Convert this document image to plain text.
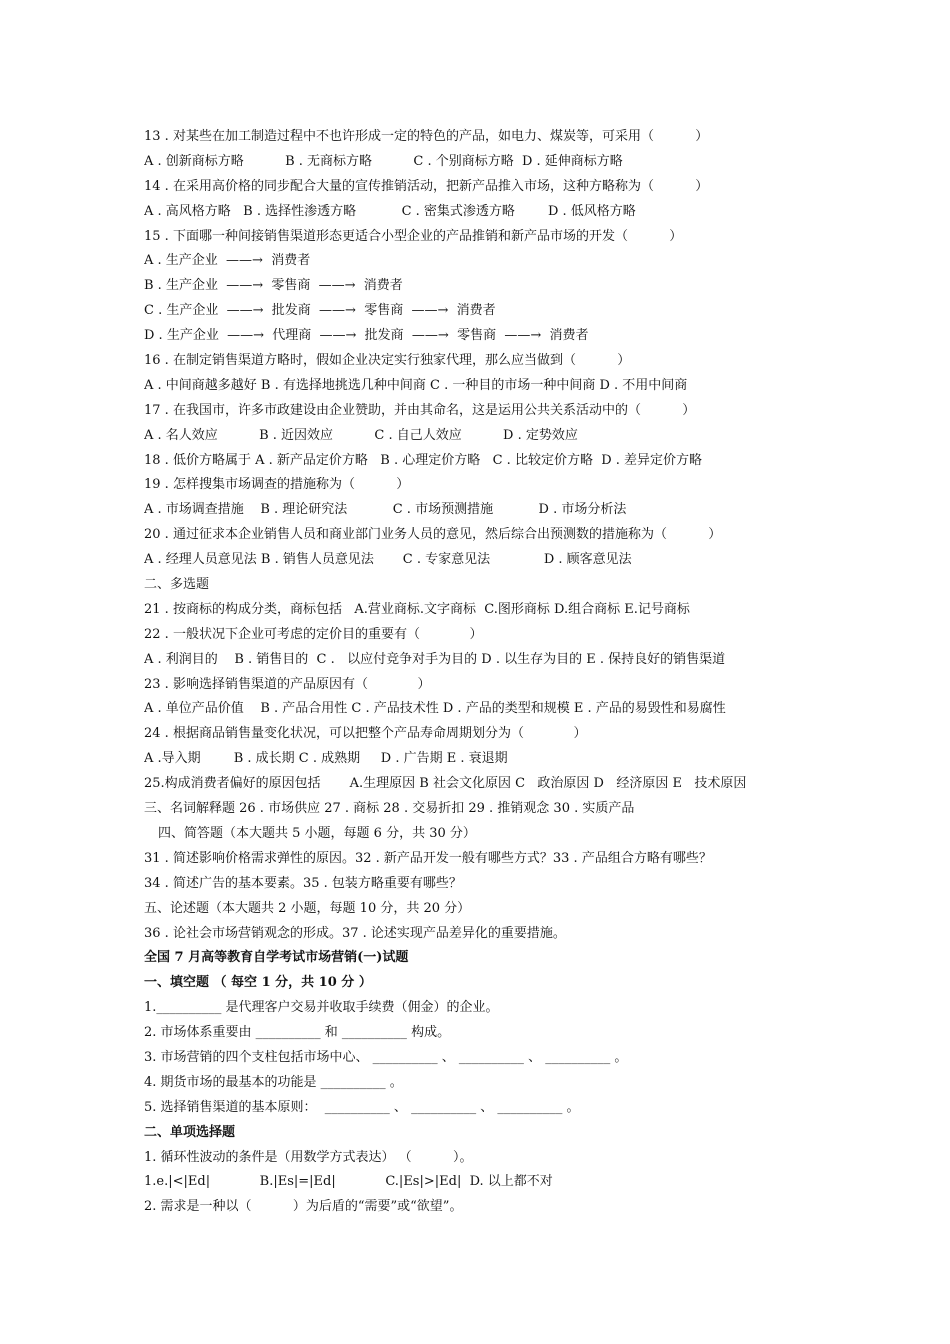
13 . 对某些在加工制造过程中不也许形成一定的特色的产品，如电力、煤炭等，可采用（          ）
A . 创新商标方略          B . 无商标方略          C . 个别商标方略  D . 延伸商标方略
14 . 在采用高价格的同步配合大量的宣传推销活动，把新产品推入市场，这种方略称为（          ）
A . 高风格方略   B . 选择性渗透方略           C . 密集式渗透方略        D . 低风格方略
15 . 下面哪一种间接销售渠道形态更适合小型企业的产品推销和新产品市场的开发（          ）
A . 生产企业  ——→  消费者
B . 生产企业  ——→  零售商  ——→  消费者
C . 生产企业  ——→  批发商  ——→  零售商  ——→  消费者
D . 生产企业  ——→  代理商  ——→  批发商  ——→  零售商  ——→  消费者
16 . 在制定销售渠道方略时，假如企业决定实行独家代理，那么应当做到（          ）
A . 中间商越多越好 B . 有选择地挑选几种中间商 C . 一种目的市场一种中间商 D . 不用中间商
17 . 在我国市，许多市政建设由企业赞助，并由其命名，这是运用公共关系活动中的（          ）
A . 名人效应          B . 近因效应          C . 自己人效应          D . 定势效应
18 . 低价方略属于 A . 新产品定价方略   B . 心理定价方略   C . 比较定价方略  D . 差异定价方略
19 . 怎样搜集市场调查的措施称为（          ）
A . 市场调查措施    B . 理论研究法           C . 市场预测措施           D . 市场分析法
20 . 通过征求本企业销售人员和商业部门业务人员的意见，然后综合出预测数的措施称为（          ）
A . 经理人员意见法 B . 销售人员意见法       C . 专家意见法             D . 顾客意见法
二、多选题
21 . 按商标的构成分类，商标包括   A.营业商标.文字商标  C.图形商标 D.组合商标 E.记号商标
22 . 一般状况下企业可考虑的定价目的重要有（            ）
A . 利润目的    B . 销售目的  C .   以应付竞争对手为目的 D . 以生存为目的 E . 保持良好的销售渠道
23 . 影响选择销售渠道的产品原因有（            ）
A . 单位产品价值    B . 产品合用性 C . 产品技术性 D . 产品的类型和规模 E . 产品的易毁性和易腐性
24 . 根据商品销售量变化状况，可以把整个产品寿命周期划分为（            ）
A .导入期        B . 成长期 C . 成熟期     D . 广告期 E . 衰退期
25.构成消费者偏好的原因包括       A.生理原因 B 社会文化原因 C   政治原因 D   经济原因 E   技术原因
三、名词解释题 26 . 市场供应 27 . 商标 28 . 交易折扣 29 . 推销观念 30 . 实质产品
四、简答题（本大题共 5 小题，每题 6 分，共 30 分）
31 . 简述影响价格需求弹性的原因。32 . 新产品开发一般有哪些方式？33 . 产品组合方略有哪些？
34 . 简述广告的基本要素。35 . 包装方略重要有哪些？
五、论述题（本大题共 2 小题，每题 10 分，共 20 分）
36 . 论社会市场营销观念的形成。37 . 论述实现产品差异化的重要措施。
全国 7 月高等教育自学考试市场营销(一)试题
一、填空题 （ 每空 1 分，共 10 分 ）
1.__________ 是代理客户交易并收取手续费（佣金）的企业。
2. 市场体系重要由 __________ 和 __________ 构成。
3. 市场营销的四个支柱包括市场中心、 __________ 、 __________ 、 __________ 。
4. 期货市场的最基本的功能是 __________ 。
5. 选择销售渠道的基本原则：  __________ 、 __________ 、 __________ 。
二、单项选择题
1. 循环性波动的条件是（用数学方式表达） （          ）。
1.e.|<|Ed|            B.|Es|=|Ed|            C.|Es|>|Ed|  D. 以上都不对
2. 需求是一种以（          ）为后盾的“需要”或“欲望”。
